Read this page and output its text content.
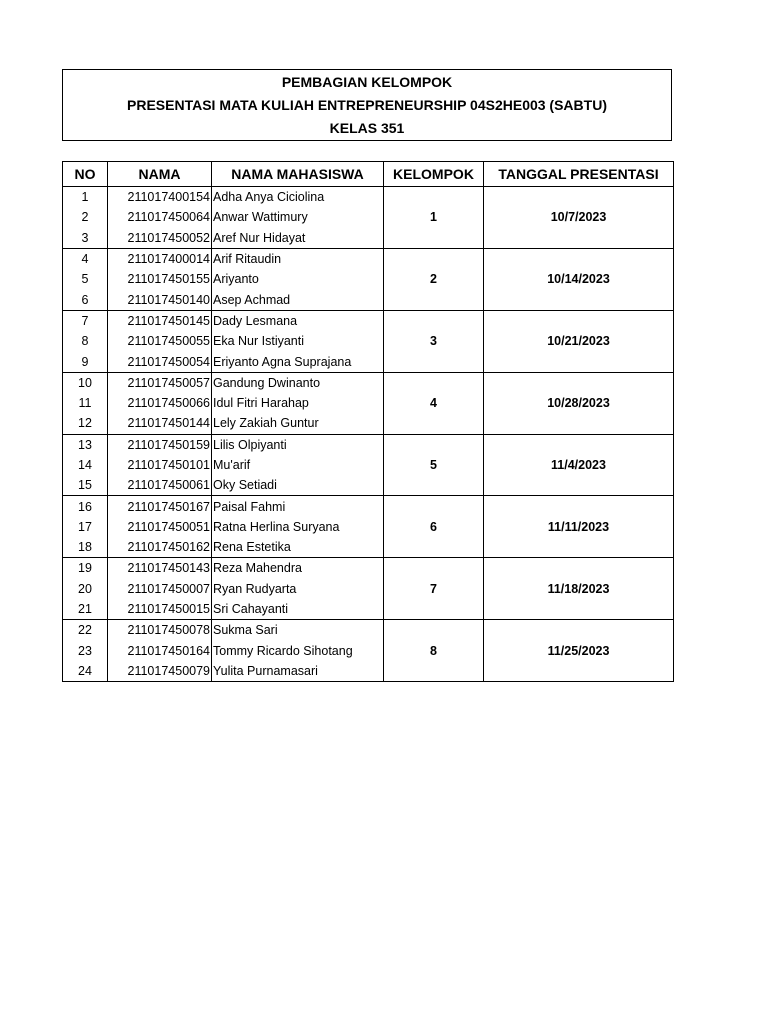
PEMBAGIAN KELOMPOK
PRESENTASI MATA KULIAH ENTREPRENEURSHIP 04S2HE003 (SABTU)
KELAS 351
NO	NAMA	NAMA MAHASISWA	KELOMPOK	TANGGAL PRESENTASI
1	211017400154	Adha Anya Ciciolina	1	10/7/2023
2	211017450064	Anwar Wattimury		
3	211017450052	Aref Nur Hidayat		
4	211017400014	Arif Ritaudin	2	10/14/2023
5	211017450155	Ariyanto		
6	211017450140	Asep Achmad		
7	211017450145	Dady Lesmana	3	10/21/2023
8	211017450055	Eka Nur Istiyanti		
9	211017450054	Eriyanto Agna Suprajana		
10	211017450057	Gandung Dwinanto	4	10/28/2023
11	211017450066	Idul Fitri Harahap		
12	211017450144	Lely Zakiah Guntur		
13	211017450159	Lilis Olpiyanti	5	11/4/2023
14	211017450101	Mu'arif		
15	211017450061	Oky Setiadi		
16	211017450167	Paisal Fahmi	6	11/11/2023
17	211017450051	Ratna Herlina Suryana		
18	211017450162	Rena Estetika		
19	211017450143	Reza Mahendra	7	11/18/2023
20	211017450007	Ryan Rudyarta		
21	211017450015	Sri Cahayanti		
22	211017450078	Sukma Sari	8	11/25/2023
23	211017450164	Tommy Ricardo Sihotang		
24	211017450079	Yulita Purnamasari		
